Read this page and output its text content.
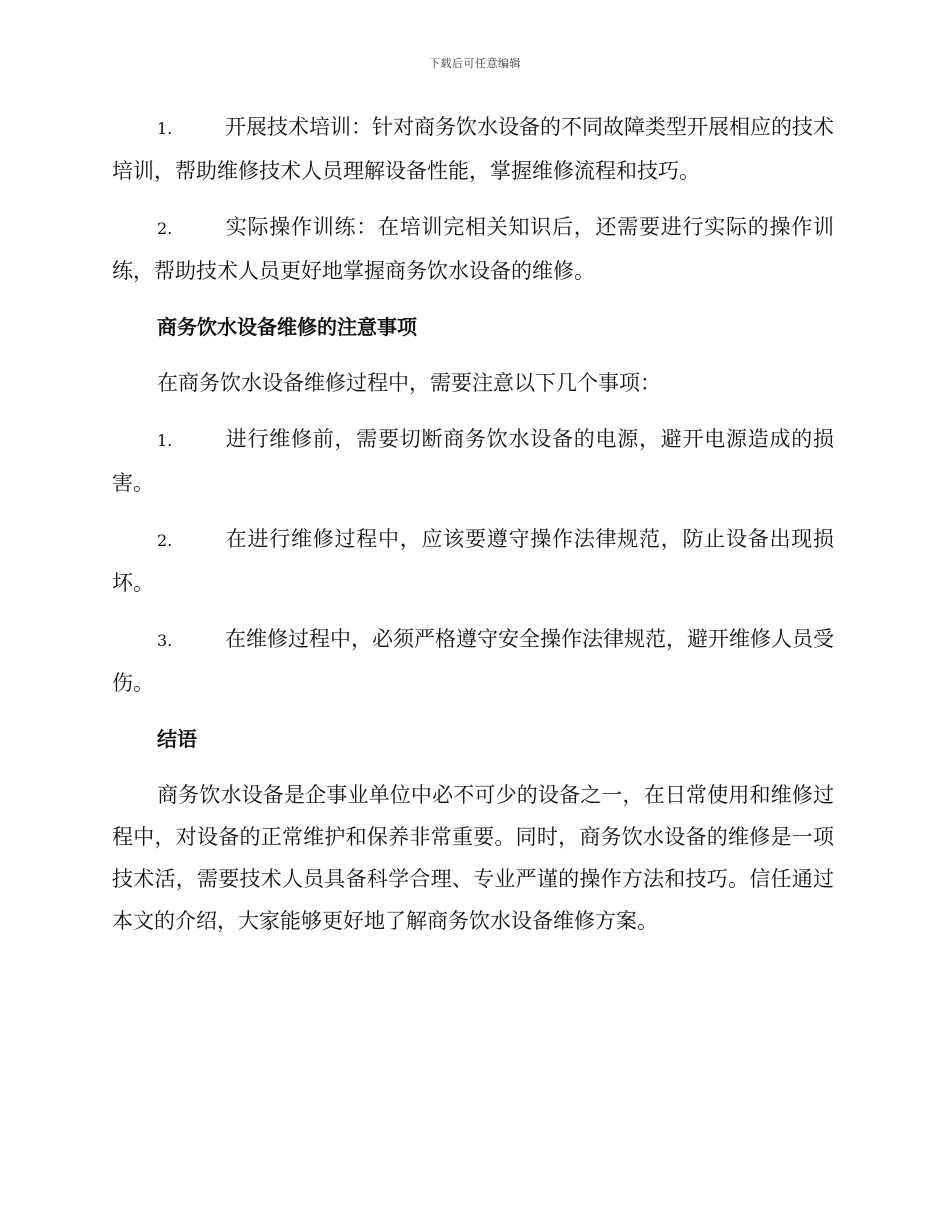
下载后可任意编辑
1.	开展技术培训：针对商务饮水设备的不同故障类型开展相应的技术培训，帮助维修技术人员理解设备性能，掌握维修流程和技巧。
2.	实际操作训练：在培训完相关知识后，还需要进行实际的操作训练，帮助技术人员更好地掌握商务饮水设备的维修。
商务饮水设备维修的注意事项
在商务饮水设备维修过程中，需要注意以下几个事项：
1.	进行维修前，需要切断商务饮水设备的电源，避开电源造成的损害。
2.	在进行维修过程中，应该要遵守操作法律规范，防止设备出现损坏。
3.	在维修过程中，必须严格遵守安全操作法律规范，避开维修人员受伤。
结语
商务饮水设备是企事业单位中必不可少的设备之一，在日常使用和维修过程中，对设备的正常维护和保养非常重要。同时，商务饮水设备的维修是一项技术活，需要技术人员具备科学合理、专业严谨的操作方法和技巧。信任通过本文的介绍，大家能够更好地了解商务饮水设备维修方案。
